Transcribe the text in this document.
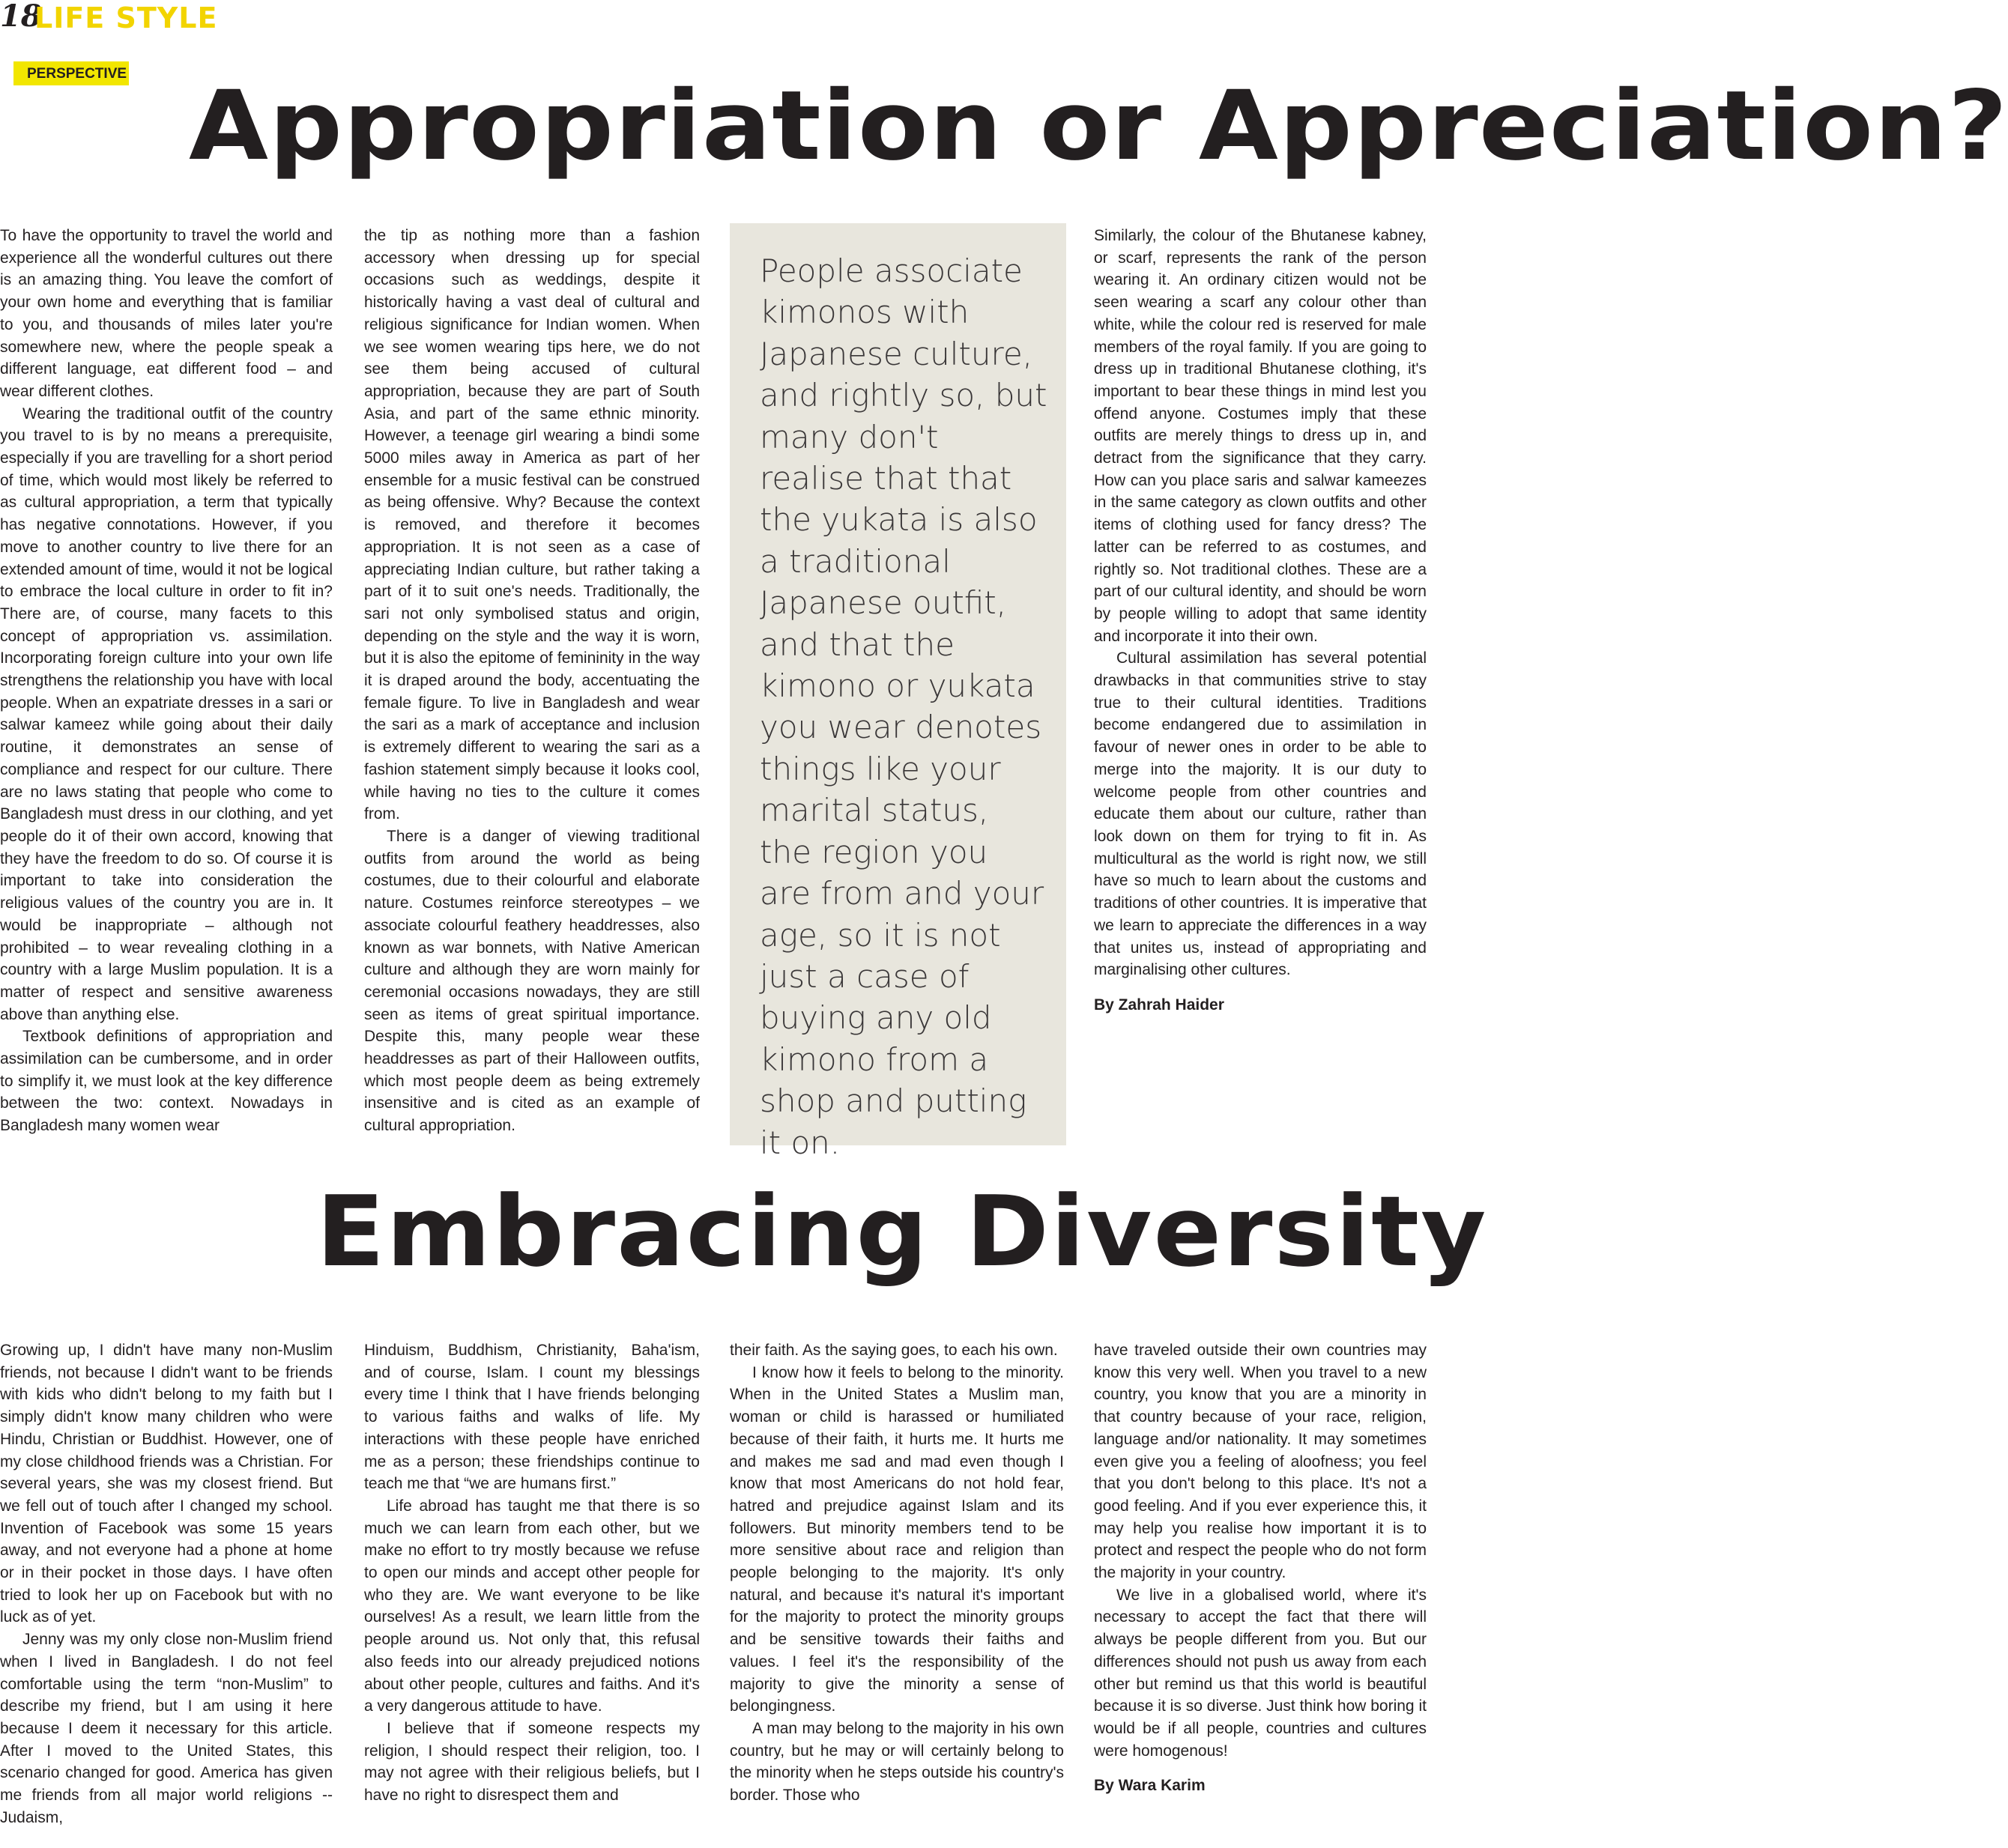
18
LIFE STYLE
PERSPECTIVE Appropriation or Appreciation?

To have the opportunity to travel the world and experience all the wonderful cultures out there is an amazing thing. You leave the comfort of your own home and everything that is familiar to you, and thousands of miles later you're somewhere new, where the people speak a different language, eat different food – and wear different clothes.

Wearing the traditional outfit of the country you travel to is by no means a prerequisite, especially if you are travelling for a short period of time, which would most likely be referred to as cultural appropriation, a term that typically has negative connotations. However, if you move to another country to live there for an extended amount of time, would it not be logical to embrace the local culture in order to fit in? There are, of course, many facets to this concept of appropriation vs. assimilation. Incorporating foreign culture into your own life strengthens the relationship you have with local people. When an expatriate dresses in a sari or salwar kameez while going about their daily routine, it demonstrates an sense of compliance and respect for our culture. There are no laws stating that people who come to Bangladesh must dress in our clothing, and yet people do it of their own accord, knowing that they have the freedom to do so. Of course it is important to take into consideration the religious values of the country you are in. It would be inappropriate – although not prohibited – to wear revealing clothing in a country with a large Muslim population. It is a matter of respect and sensitive awareness above than anything else.

Textbook definitions of appropriation and assimilation can be cumbersome, and in order to simplify it, we must look at the key difference between the two: context. Nowadays in Bangladesh many women wear

the tip as nothing more than a fashion accessory when dressing up for special occasions such as weddings, despite it historically having a vast deal of cultural and religious significance for Indian women. When we see women wearing tips here, we do not see them being accused of cultural appropriation, because they are part of South Asia, and part of the same ethnic minority. However, a teenage girl wearing a bindi some 5000 miles away in America as part of her ensemble for a music festival can be construed as being offensive. Why? Because the context is removed, and therefore it becomes appropriation. It is not seen as a case of appreciating Indian culture, but rather taking a part of it to suit one's needs. Traditionally, the sari not only symbolised status and origin, depending on the style and the way it is worn, but it is also the epitome of femininity in the way it is draped around the body, accentuating the female figure. To live in Bangladesh and wear the sari as a mark of acceptance and inclusion is extremely different to wearing the sari as a fashion statement simply because it looks cool, while having no ties to the culture it comes from.

There is a danger of viewing traditional outfits from around the world as being costumes, due to their colourful and elaborate nature. Costumes reinforce stereotypes – we associate colourful feathery headdresses, also known as war bonnets, with Native American culture and although they are worn mainly for ceremonial occasions nowadays, they are still seen as items of great spiritual importance. Despite this, many people wear these headdresses as part of their Halloween outfits, which most people deem as being extremely insensitive and is cited as an example of cultural appropriation.

People associate kimonos with Japanese culture, and rightly so, but many don't realise that that the yukata is also a traditional Japanese outfit, and that the kimono or yukata you wear denotes things like your marital status, the region you are from and your age, so it is not just a case of buying any old kimono from a shop and putting it on.

Similarly, the colour of the Bhutanese kabney, or scarf, represents the rank of the person wearing it. An ordinary citizen would not be seen wearing a scarf any colour other than white, while the colour red is reserved for male members of the royal family. If you are going to dress up in traditional Bhutanese clothing, it's important to bear these things in mind lest you offend anyone. Costumes imply that these outfits are merely things to dress up in, and detract from the significance that they carry. How can you place saris and salwar kameezes in the same category as clown outfits and other items of clothing used for fancy dress? The latter can be referred to as costumes, and rightly so. Not traditional clothes. These are a part of our cultural identity, and should be worn by people willing to adopt that same identity and incorporate it into their own.

Cultural assimilation has several potential drawbacks in that communities strive to stay true to their cultural identities. Traditions become endangered due to assimilation in favour of newer ones in order to be able to merge into the majority. It is our duty to welcome people from other countries and educate them about our culture, rather than look down on them for trying to fit in. As multicultural as the world is right now, we still have so much to learn about the customs and traditions of other countries. It is imperative that we learn to appreciate the differences in a way that unites us, instead of appropriating and marginalising other cultures.

By Zahrah Haider

Embracing Diversity

Growing up, I didn't have many non-Muslim friends, not because I didn't want to be friends with kids who didn't belong to my faith but I simply didn't know many children who were Hindu, Christian or Buddhist. However, one of my close childhood friends was a Christian. For several years, she was my closest friend. But we fell out of touch after I changed my school. Invention of Facebook was some 15 years away, and not everyone had a phone at home or in their pocket in those days. I have often tried to look her up on Facebook but with no luck as of yet.

Jenny was my only close non-Muslim friend when I lived in Bangladesh. I do not feel comfortable using the term “non-Muslim” to describe my friend, but I am using it here because I deem it necessary for this article. After I moved to the United States, this scenario changed for good. America has given me friends from all major world religions -- Judaism,

Hinduism, Buddhism, Christianity, Baha'ism, and of course, Islam. I count my blessings every time I think that I have friends belonging to various faiths and walks of life. My interactions with these people have enriched me as a person; these friendships continue to teach me that “we are humans first.”

Life abroad has taught me that there is so much we can learn from each other, but we make no effort to try mostly because we refuse to open our minds and accept other people for who they are. We want everyone to be like ourselves! As a result, we learn little from the people around us. Not only that, this refusal also feeds into our already prejudiced notions about other people, cultures and faiths. And it's a very dangerous attitude to have.

I believe that if someone respects my religion, I should respect their religion, too. I may not agree with their religious beliefs, but I have no right to disrespect them and

their faith. As the saying goes, to each his own.

I know how it feels to belong to the minority. When in the United States a Muslim man, woman or child is harassed or humiliated because of their faith, it hurts me. It hurts me and makes me sad and mad even though I know that most Americans do not hold fear, hatred and prejudice against Islam and its followers. But minority members tend to be more sensitive about race and religion than people belonging to the majority. It's only natural, and because it's natural it's important for the majority to protect the minority groups and be sensitive towards their faiths and values. I feel it's the responsibility of the majority to give the minority a sense of belongingness.

A man may belong to the majority in his own country, but he may or will certainly belong to the minority when he steps outside his country's border. Those who

have traveled outside their own countries may know this very well. When you travel to a new country, you know that you are a minority in that country because of your race, religion, language and/or nationality. It may sometimes even give you a feeling of aloofness; you feel that you don't belong to this place. It's not a good feeling. And if you ever experience this, it may help you realise how important it is to protect and respect the people who do not form the majority in your country.

We live in a globalised world, where it's necessary to accept the fact that there will always be people different from you. But our differences should not push us away from each other but remind us that this world is beautiful because it is so diverse. Just think how boring it would be if all people, countries and cultures were homogenous!

By Wara Karim
